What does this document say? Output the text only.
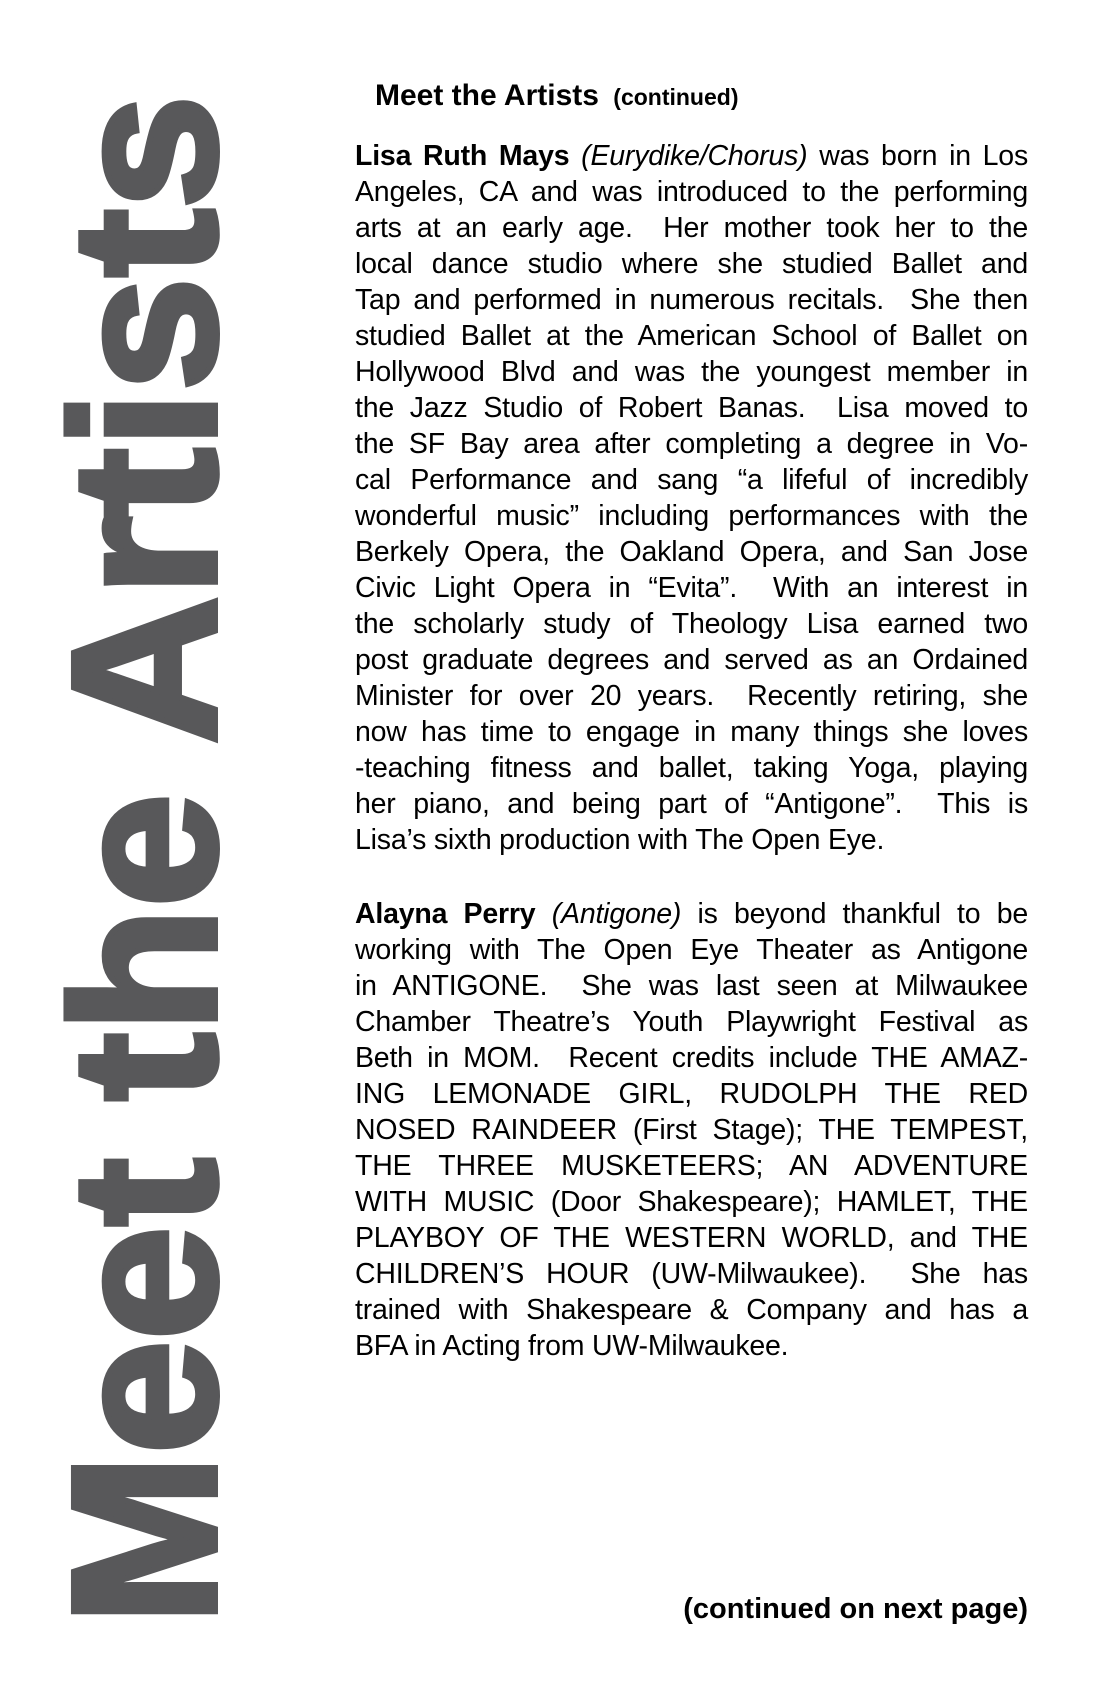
Meet the Artists	Meet the Artists (continued)
Lisa Ruth Mays (Eurydike/Chorus) was born in Los
Angeles, CA and was introduced to the performing
arts at an early age.  Her mother took her to the
local dance studio where she studied Ballet and
Tap and performed in numerous recitals.  She then
studied Ballet at the American School of Ballet on
Hollywood Blvd and was the youngest member in
the Jazz Studio of Robert Banas.  Lisa moved to
the SF Bay area after completing a degree in Vo-
cal Performance and sang “a lifeful of incredibly
wonderful music” including performances with the
Berkely Opera, the Oakland Opera, and San Jose
Civic Light Opera in “Evita”.  With an interest in
the scholarly study of Theology Lisa earned two
post graduate degrees and served as an Ordained
Minister for over 20 years.  Recently retiring, she
now has time to engage in many things she loves
-teaching fitness and ballet, taking Yoga, playing
her piano, and being part of “Antigone”.  This is
Lisa’s sixth production with The Open Eye.
Alayna Perry (Antigone) is beyond thankful to be
working with The Open Eye Theater as Antigone
in ANTIGONE.  She was last seen at Milwaukee
Chamber Theatre’s Youth Playwright Festival as
Beth in MOM.  Recent credits include THE AMAZ-
ING LEMONADE GIRL, RUDOLPH THE RED
NOSED RAINDEER (First Stage); THE TEMPEST,
THE THREE MUSKETEERS; AN ADVENTURE
WITH MUSIC (Door Shakespeare); HAMLET, THE
PLAYBOY OF THE WESTERN WORLD, and THE
CHILDREN’S HOUR (UW-Milwaukee).  She has
trained with Shakespeare & Company and has a
BFA in Acting from UW-Milwaukee.
(continued on next page)
